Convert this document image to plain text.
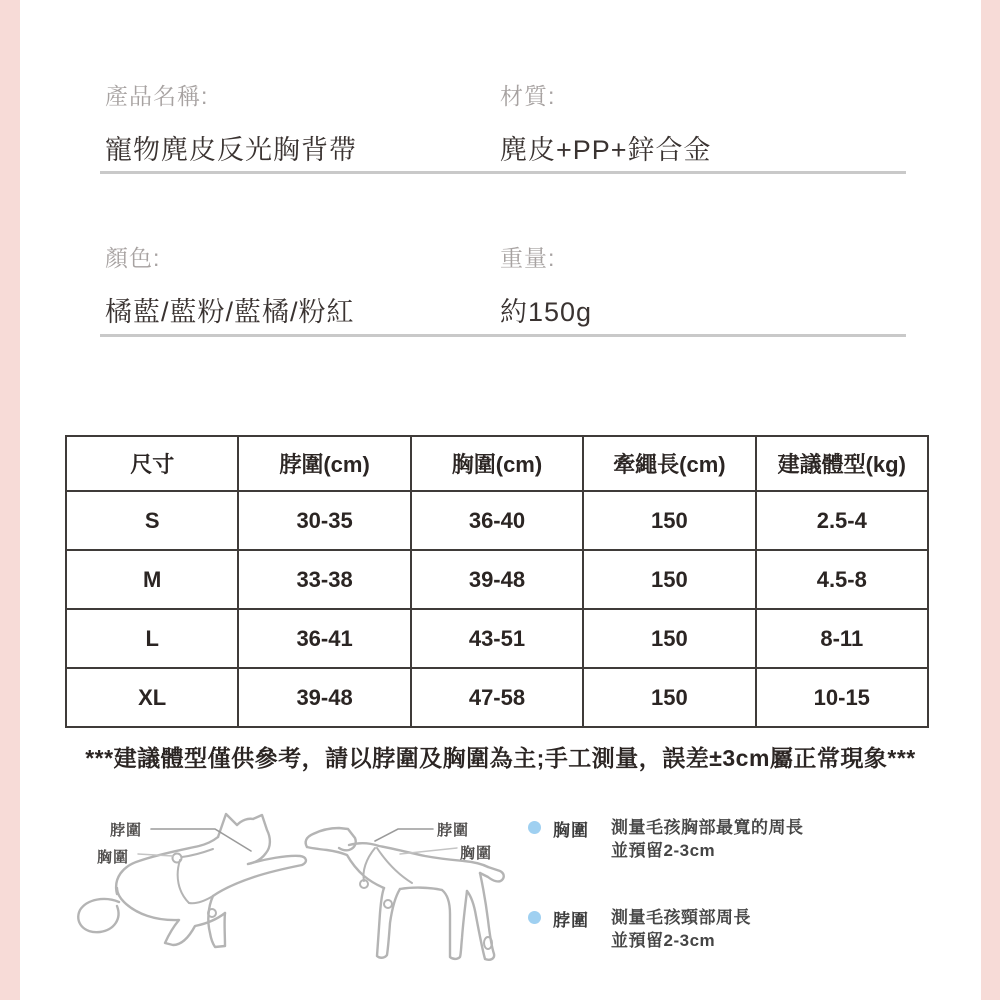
產品名稱:
寵物麂皮反光胸背帶
材質:
麂皮+PP+鋅合金
顏色:
橘藍/藍粉/藍橘/粉紅
重量:
約150g
尺寸	脖圍(cm)	胸圍(cm)	牽繩長(cm)	建議體型(kg)
S	30-35	36-40	150	2.5-4
M	33-38	39-48	150	4.5-8
L	36-41	43-51	150	8-11
XL	39-48	47-58	150	10-15
***建議體型僅供參考，請以脖圍及胸圍為主;手工測量，誤差±3cm屬正常現象***
脖圍
胸圍
脖圍
胸圍
胸圍 測量毛孩胸部最寬的周長
並預留2-3cm
脖圍 測量毛孩頸部周長
並預留2-3cm
